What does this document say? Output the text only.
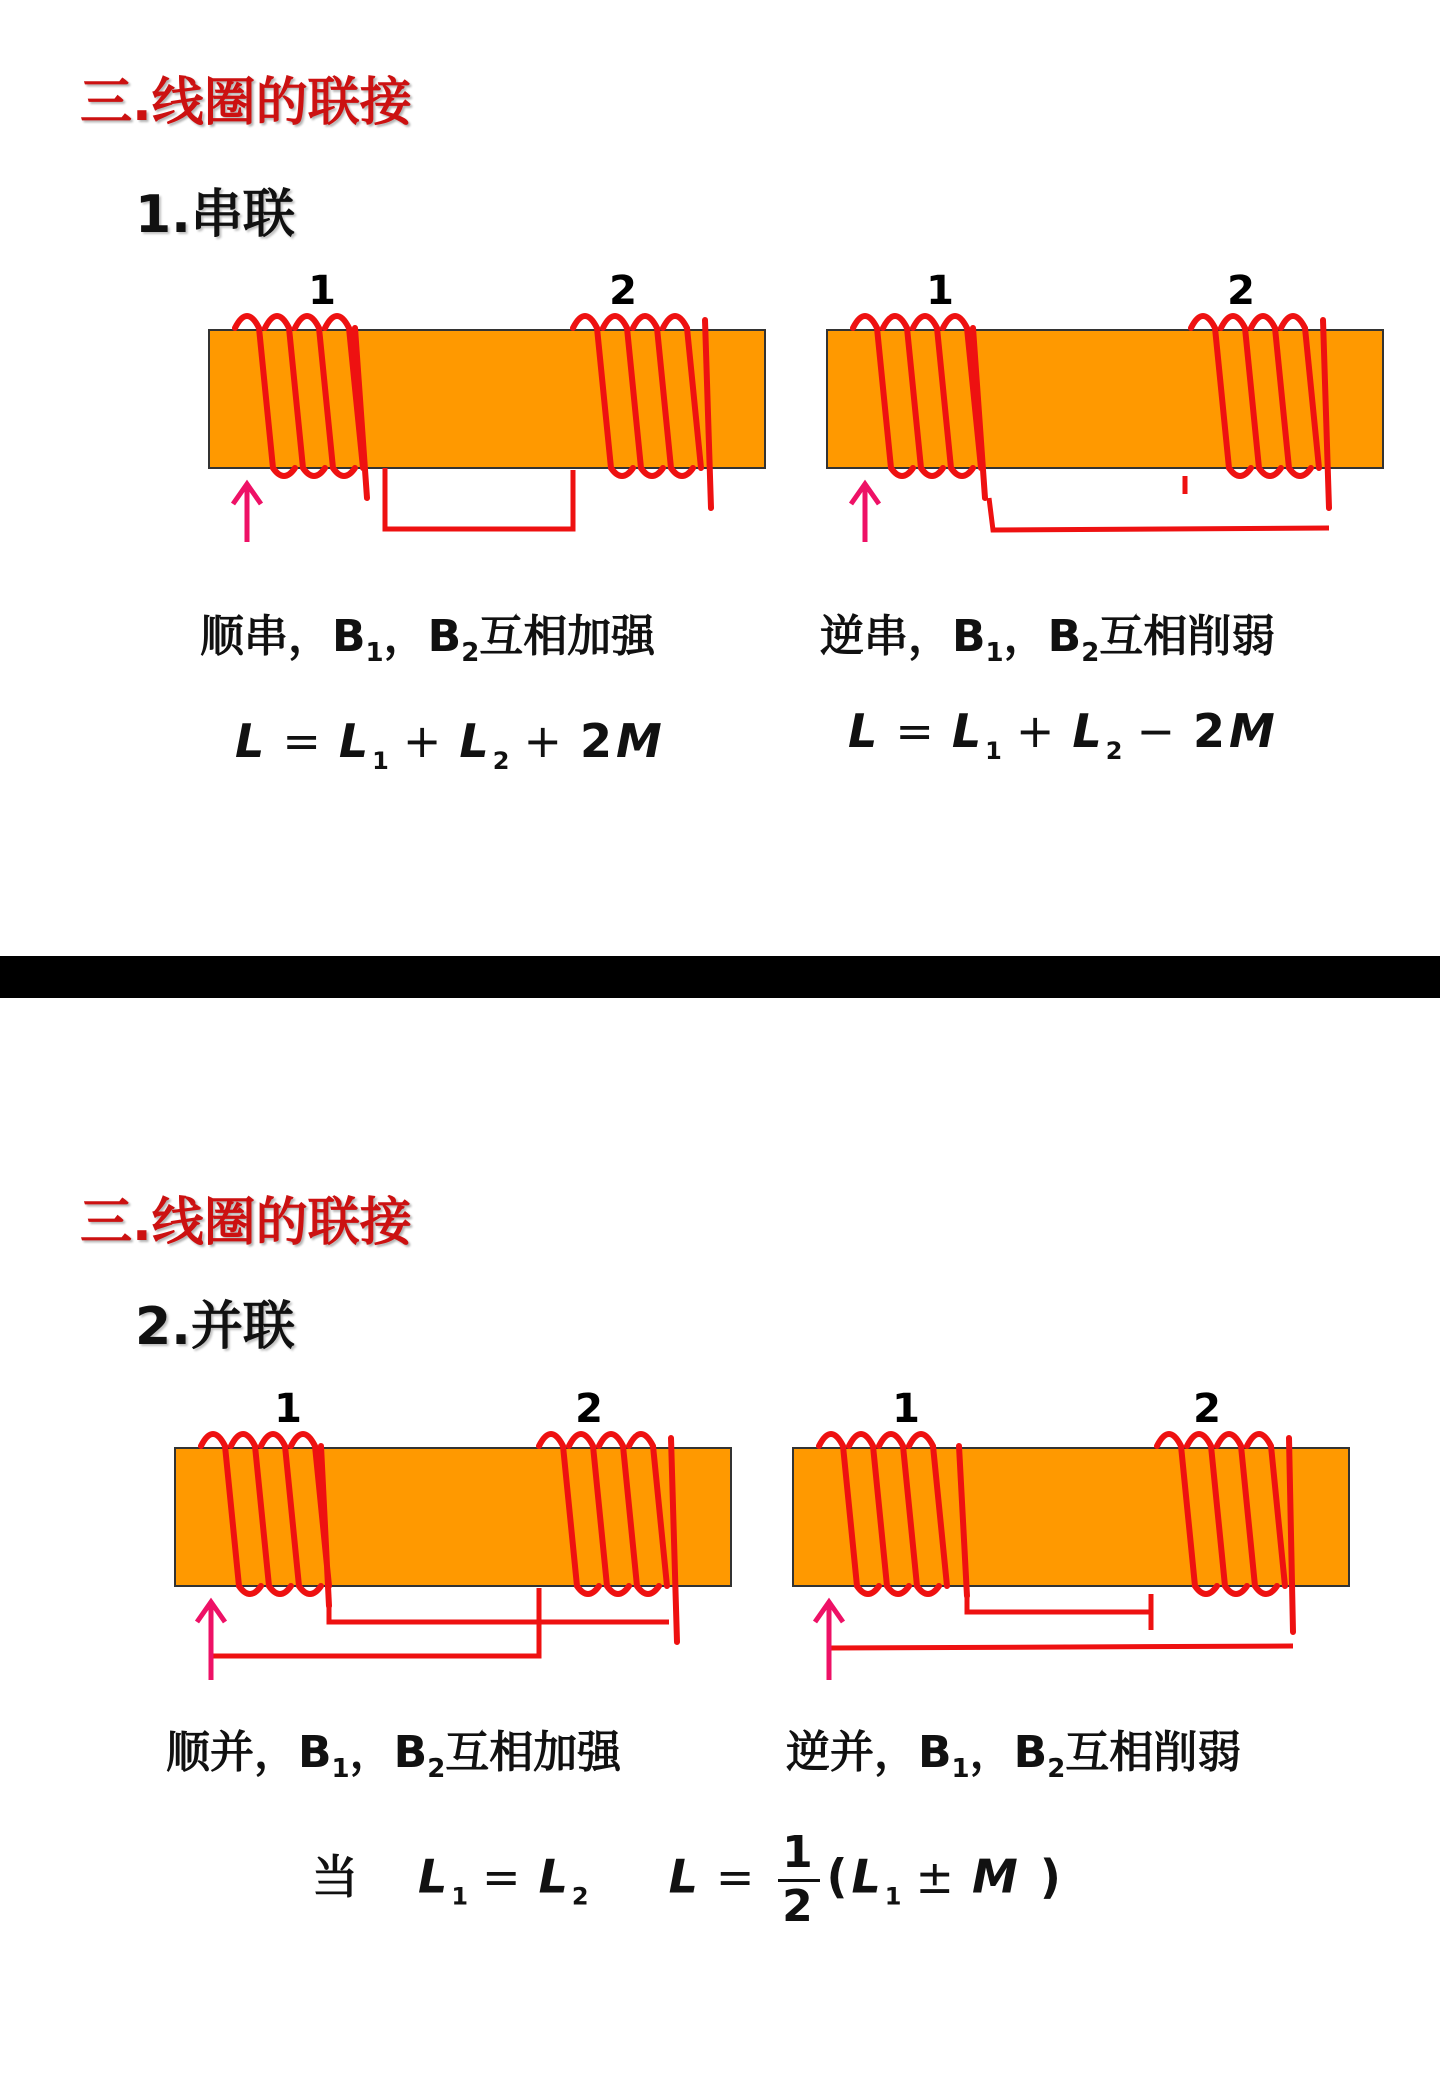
三.线圈的联接
1.串联
1	2	1	2

顺串，$B_1$，$B_2$互相加强	逆串，$B_1$，$B_2$互相削弱

$L = L_1 + L_2 + 2M$	$L = L_1 + L_2 - 2M$

三.线圈的联接
2.并联
1	2	1	2

顺并，$B_1$，$B_2$互相加强	逆并，$B_1$，$B_2$互相削弱

当 $L_1 = L_2$ $L = \frac{1}{2} (L_1 \pm M$ )
